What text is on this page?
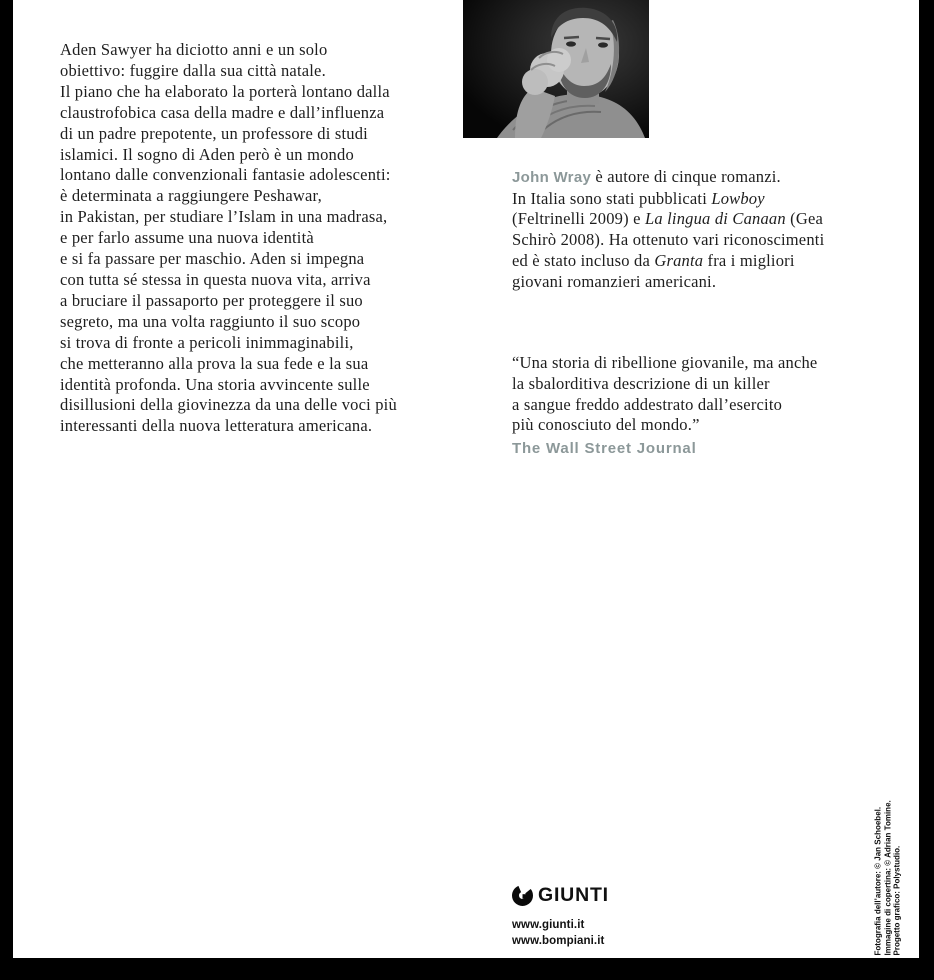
Aden Sawyer ha diciotto anni e un solo
obiettivo: fuggire dalla sua città natale.
Il piano che ha elaborato la porterà lontano dalla
claustrofobica casa della madre e dall’influenza
di un padre prepotente, un professore di studi
islamici. Il sogno di Aden però è un mondo
lontano dalle convenzionali fantasie adolescenti:
è determinata a raggiungere Peshawar,
in Pakistan, per studiare l’Islam in una madrasa,
e per farlo assume una nuova identità
e si fa passare per maschio. Aden si impegna
con tutta sé stessa in questa nuova vita, arriva
a bruciare il passaporto per proteggere il suo
segreto, ma una volta raggiunto il suo scopo
si trova di fronte a pericoli inimmaginabili,
che metteranno alla prova la sua fede e la sua
identità profonda. Una storia avvincente sulle
disillusioni della giovinezza da una delle voci più
interessanti della nuova letteratura americana.
John Wray è autore di cinque romanzi.
In Italia sono stati pubblicati Lowboy
(Feltrinelli 2009) e La lingua di Canaan (Gea
Schirò 2008). Ha ottenuto vari riconoscimenti
ed è stato incluso da Granta fra i migliori
giovani romanzieri americani.
“Una storia di ribellione giovanile, ma anche
la sbalorditiva descrizione di un killer
a sangue freddo addestrato dall’esercito
più conosciuto del mondo.”
The Wall Street Journal
GIUNTI
www.giunti.it
www.bompiani.it	Fotografia dell’autore: © Jan Schoebel. Immagine di copertina: © Adrian Tomine. Progetto grafico: Polystudio.
